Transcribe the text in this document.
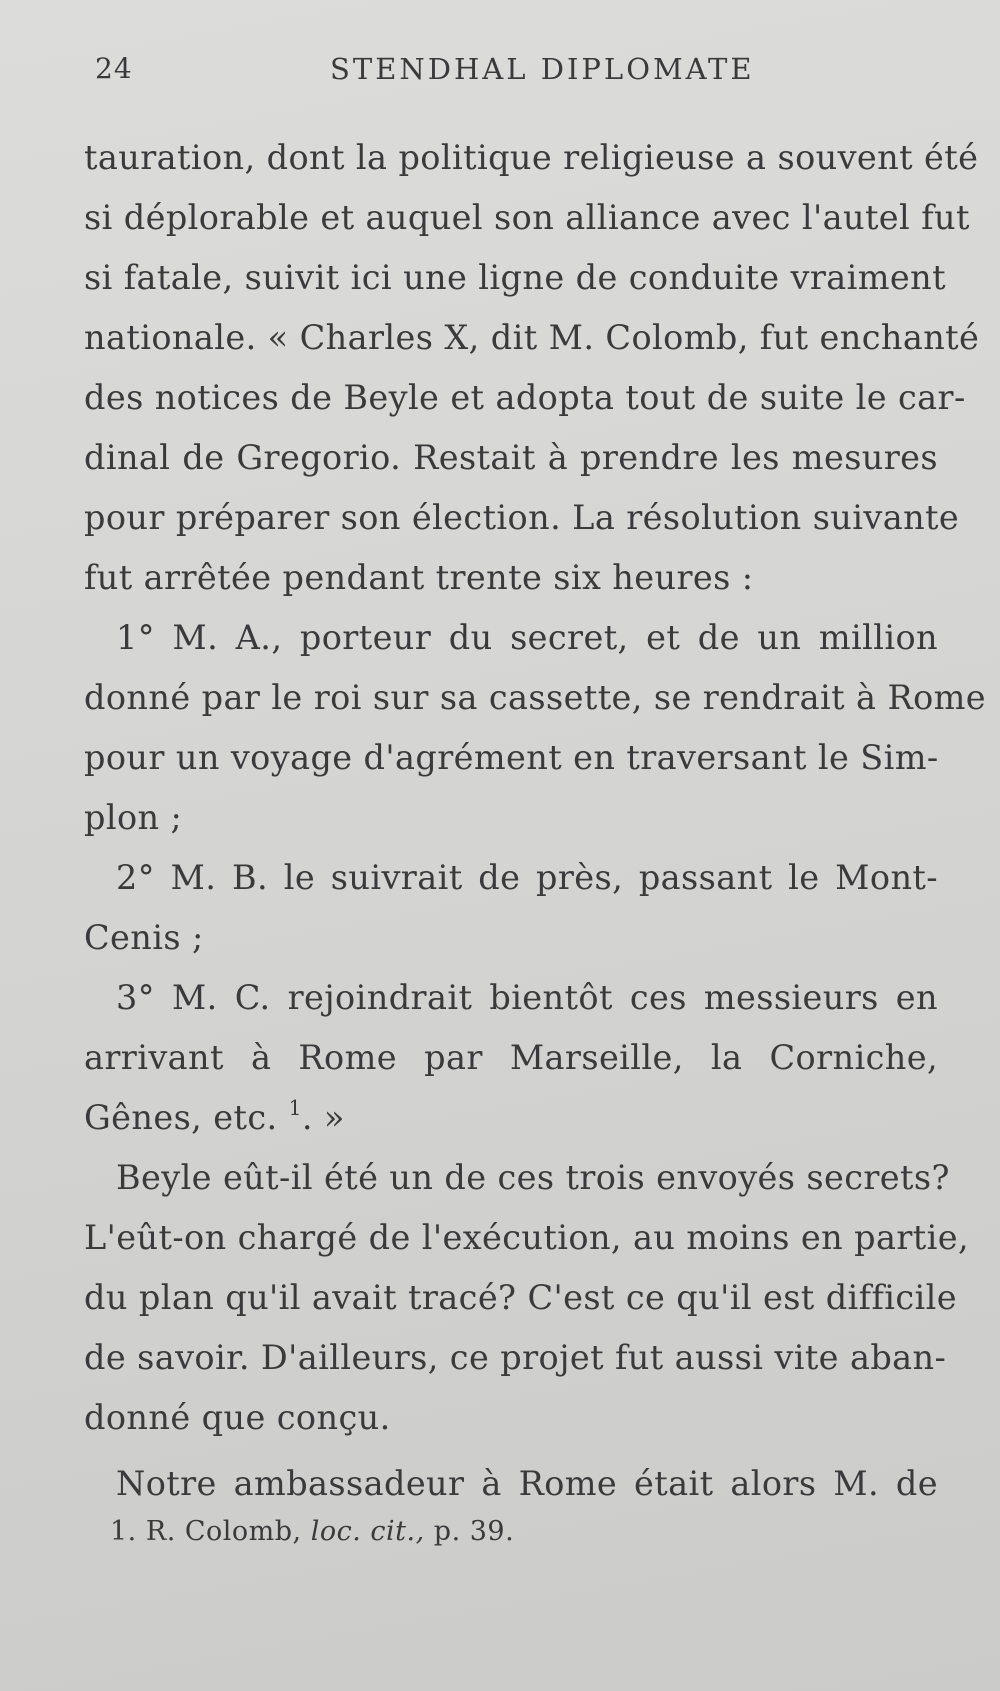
24	STENDHAL DIPLOMATE
tauration, dont la politique religieuse a souvent été
si déplorable et auquel son alliance avec l'autel fut
si fatale, suivit ici une ligne de conduite vraiment
nationale. « Charles X, dit M. Colomb, fut enchanté
des notices de Beyle et adopta tout de suite le car-
dinal de Gregorio. Restait à prendre les mesures
pour préparer son élection. La résolution suivante
fut arrêtée pendant trente six heures :
1° M. A., porteur du secret, et de un million
donné par le roi sur sa cassette, se rendrait à Rome
pour un voyage d'agrément en traversant le Sim-
plon ;
2° M. B. le suivrait de près, passant le Mont-
Cenis ;
3° M. C. rejoindrait bientôt ces messieurs en
arrivant à Rome par Marseille, la Corniche,
Gênes, etc. $^1$. »
Beyle eût-il été un de ces trois envoyés secrets?
L'eût-on chargé de l'exécution, au moins en partie,
du plan qu'il avait tracé? C'est ce qu'il est difficile
de savoir. D'ailleurs, ce projet fut aussi vite aban-
donné que conçu.
Notre ambassadeur à Rome était alors M. de
1. R. Colomb, loc. cit., p. 39.
